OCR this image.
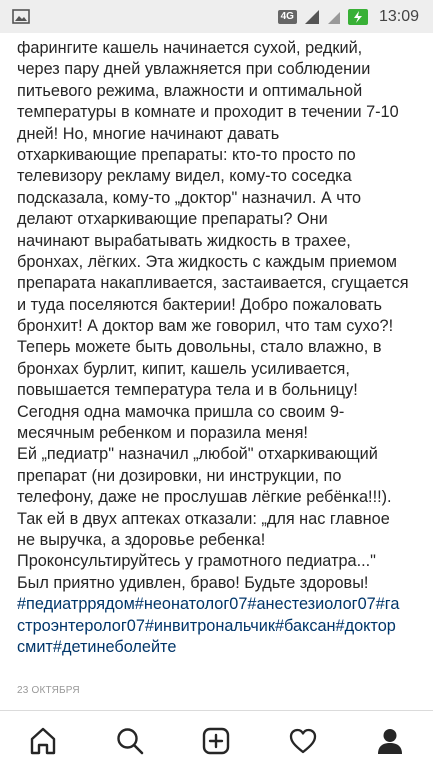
4G	13:09
фарингите кашель начинается сухой, редкий,
через пару дней увлажняется при соблюдении
питьевого режима, влажности и оптимальной
температуры в комнате и проходит в течении 7-10
дней! Но, многие начинают давать
отхаркивающие препараты: кто-то просто по
телевизору рекламу видел, кому-то соседка
подсказала, кому-то „доктор" назначил. А что
делают отхаркивающие препараты? Они
начинают вырабатывать жидкость в трахее,
бронхах, лёгких. Эта жидкость с каждым приемом
препарата накапливается, застаивается, сгущается
и туда поселяются бактерии! Добро пожаловать
бронхит! А доктор вам же говорил, что там сухо?!
Теперь можете быть довольны, стало влажно, в
бронхах бурлит, кипит, кашель усиливается,
повышается температура тела и в больницу!
Сегодня одна мамочка пришла со своим 9-
месячным ребенком и поразила меня!
Ей „педиатр" назначил „любой" отхаркивающий
препарат (ни дозировки, ни инструкции, по
телефону, даже не прослушав лёгкие ребёнка!!!).
Так ей в двух аптеках отказали: „для нас главное
не выручка, а здоровье ребенка!
Проконсультируйтесь у грамотного педиатра..."
Был приятно удивлен, браво! Будьте здоровы!
#педиатррядом#неонатолог07#анестезиолог07#га
строэнтеролог07#инвитрональчик#баксан#доктор
смит#детинеболейте
23 ОКТЯБРЯ
